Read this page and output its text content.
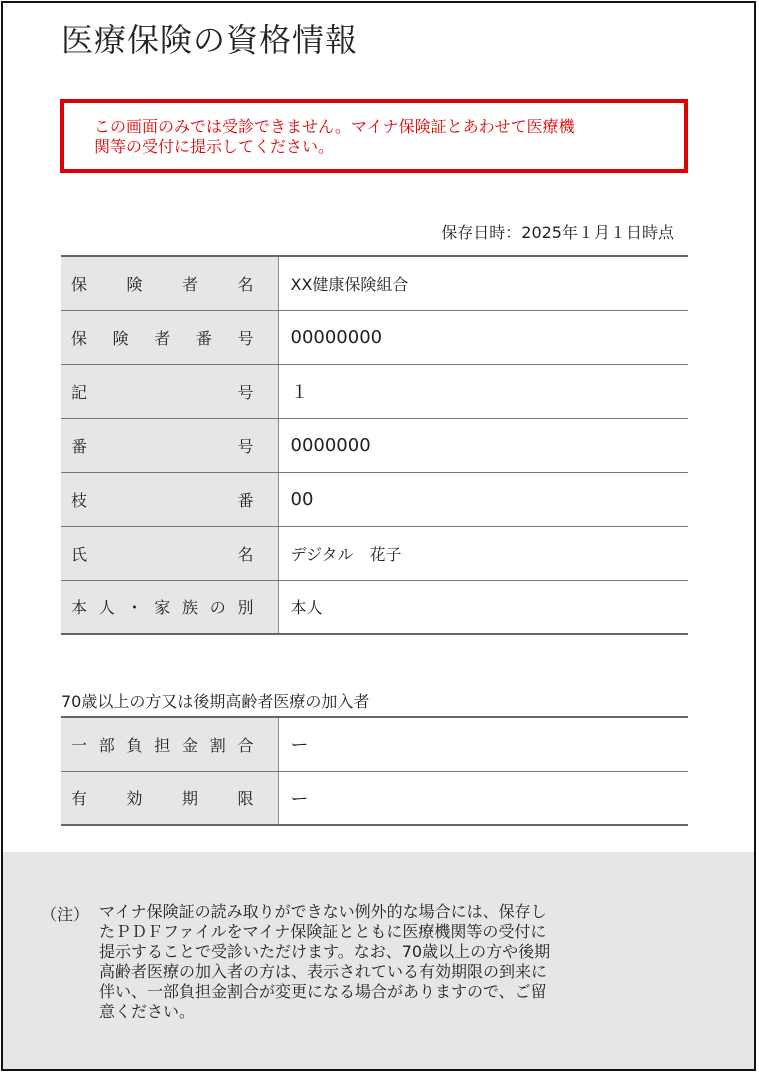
医療保険の資格情報
この画面のみでは受診できません。マイナ保険証とあわせて医療機
関等の受付に提示してください。
保存日時：2025年１月１日時点
保険者名	XX健康保険組合

保険者番号	00000000

記号	１

番号	0000000

枝番	00

氏名	デジタル　花子

本人・家族の別	本人
70歳以上の方又は後期高齢者医療の加入者
一部負担金割合	ー

有効期限	ー
（注） マイナ保険証の読み取りができない例外的な場合には、保存し
たＰＤＦファイルをマイナ保険証とともに医療機関等の受付に
提示することで受診いただけます。なお、70歳以上の方や後期
高齢者医療の加入者の方は、表示されている有効期限の到来に
伴い、一部負担金割合が変更になる場合がありますので、ご留
意ください。
